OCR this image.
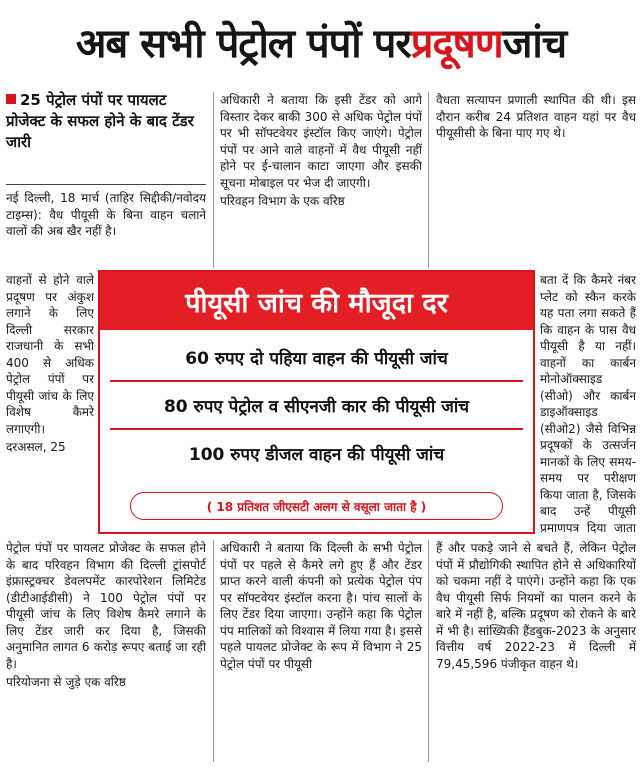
अब सभी पेट्रोल पंपों पर प्रदूषण जांच
25 पेट्रोल पंपों पर पायलट प्रोजेक्ट के सफल होने के बाद टेंडर जारी

नई दिल्ली, 18 मार्च (ताहिर सिद्दीकी/नवोदय टाइम्स): वैध पीयूसी के बिना वाहन चलाने वालों की अब खैर नहीं है।

वाहनों से होने वाले प्रदूषण पर अंकुश लगाने के लिए दिल्ली सरकार राजधानी के सभी 400 से अधिक पेट्रोल पंपों पर पीयूसी जांच के लिए विशेष कैमरे लगाएगी।

दरअसल, 25

पेट्रोल पंपों पर पायलट प्रोजेक्ट के सफल होने के बाद परिवहन विभाग की दिल्ली ट्रांसपोर्ट इंफ्रास्ट्रक्चर डेवलपमेंट कारपोरेशन लिमिटेड (डीटीआईडीसी) ने 100 पेट्रोल पंपों पर पीयूसी जांच के लिए विशेष कैमरे लगाने के लिए टेंडर जारी कर दिया है, जिसकी अनुमानित लागत 6 करोड़ रूपए बताई जा रही है।

परियोजना से जुड़े एक वरिष्ठ

अधिकारी ने बताया कि इसी टेंडर को आगे विस्तार देकर बाकी 300 से अधिक पेट्रोल पंपों पर भी सॉफ्टवेयर इंस्टॉल किए जाएंगे। पेट्रोल पंपों पर आने वाले वाहनों में वैध पीयूसी नहीं होने पर ई-चालान काटा जाएगा और इसकी सूचना मोबाइल पर भेज दी जाएगी।

परिवहन विभाग के एक वरिष्ठ

अधिकारी ने बताया कि दिल्ली के सभी पेट्रोल पंपों पर पहले से कैमरे लगे हुए हैं और टेंडर प्राप्त करने वाली कंपनी को प्रत्येक पेट्रोल पंप पर सॉफ्टवेयर इंस्टॉल करना है। पांच सालों के लिए टेंडर दिया जाएगा। उन्होंने कहा कि पेट्रोल पंप मालिकों को विश्वास में लिया गया है। इससे पहले पायलट प्रोजेक्ट के रूप में विभाग ने 25 पेट्रोल पंपों पर पीयूसी

वैधता सत्यापन प्रणाली स्थापित की थी। इस दौरान करीब 24 प्रतिशत वाहन यहां पर वैध पीयूसीसी के बिना पाए गए थे।

बता दें कि कैमरे नंबर प्लेट को स्कैन करके यह पता लगा सकते हैं कि वाहन के पास वैध पीयूसी है या नहीं। वाहनों का कार्बन मोनोऑक्साइड (सीओ) और कार्बन डाइऑक्साइड (सीओ2) जैसे विभिन्न प्रदूषकों के उत्सर्जन मानकों के लिए समय-समय पर परीक्षण किया जाता है, जिसके बाद उन्हें पीयूसी प्रमाणपत्र दिया जाता

हैं और पकड़े जाने से बचते हैं, लेकिन पेट्रोल पंपों में प्रौद्योगिकी स्थापित होने से अधिकारियों को चकमा नहीं दे पाएंगे। उन्होंने कहा कि एक वैध पीयूसी सिर्फ नियमों का पालन करने के बारे में नहीं है, बल्कि प्रदूषण को रोकने के बारे में भी है। सांख्यिकी हैंडबुक-2023 के अनुसार वित्तीय वर्ष 2022-23 में दिल्ली में 79,45,596 पंजीकृत वाहन थे।

पीयूसी जांच की मौजूदा दर
60 रुपए दो पहिया वाहन की पीयूसी जांच
80 रुपए पेट्रोल व सीएनजी कार की पीयूसी जांच
100 रुपए डीजल वाहन की पीयूसी जांच
( 18 प्रतिशत जीएसटी अलग से वसूला जाता है )
